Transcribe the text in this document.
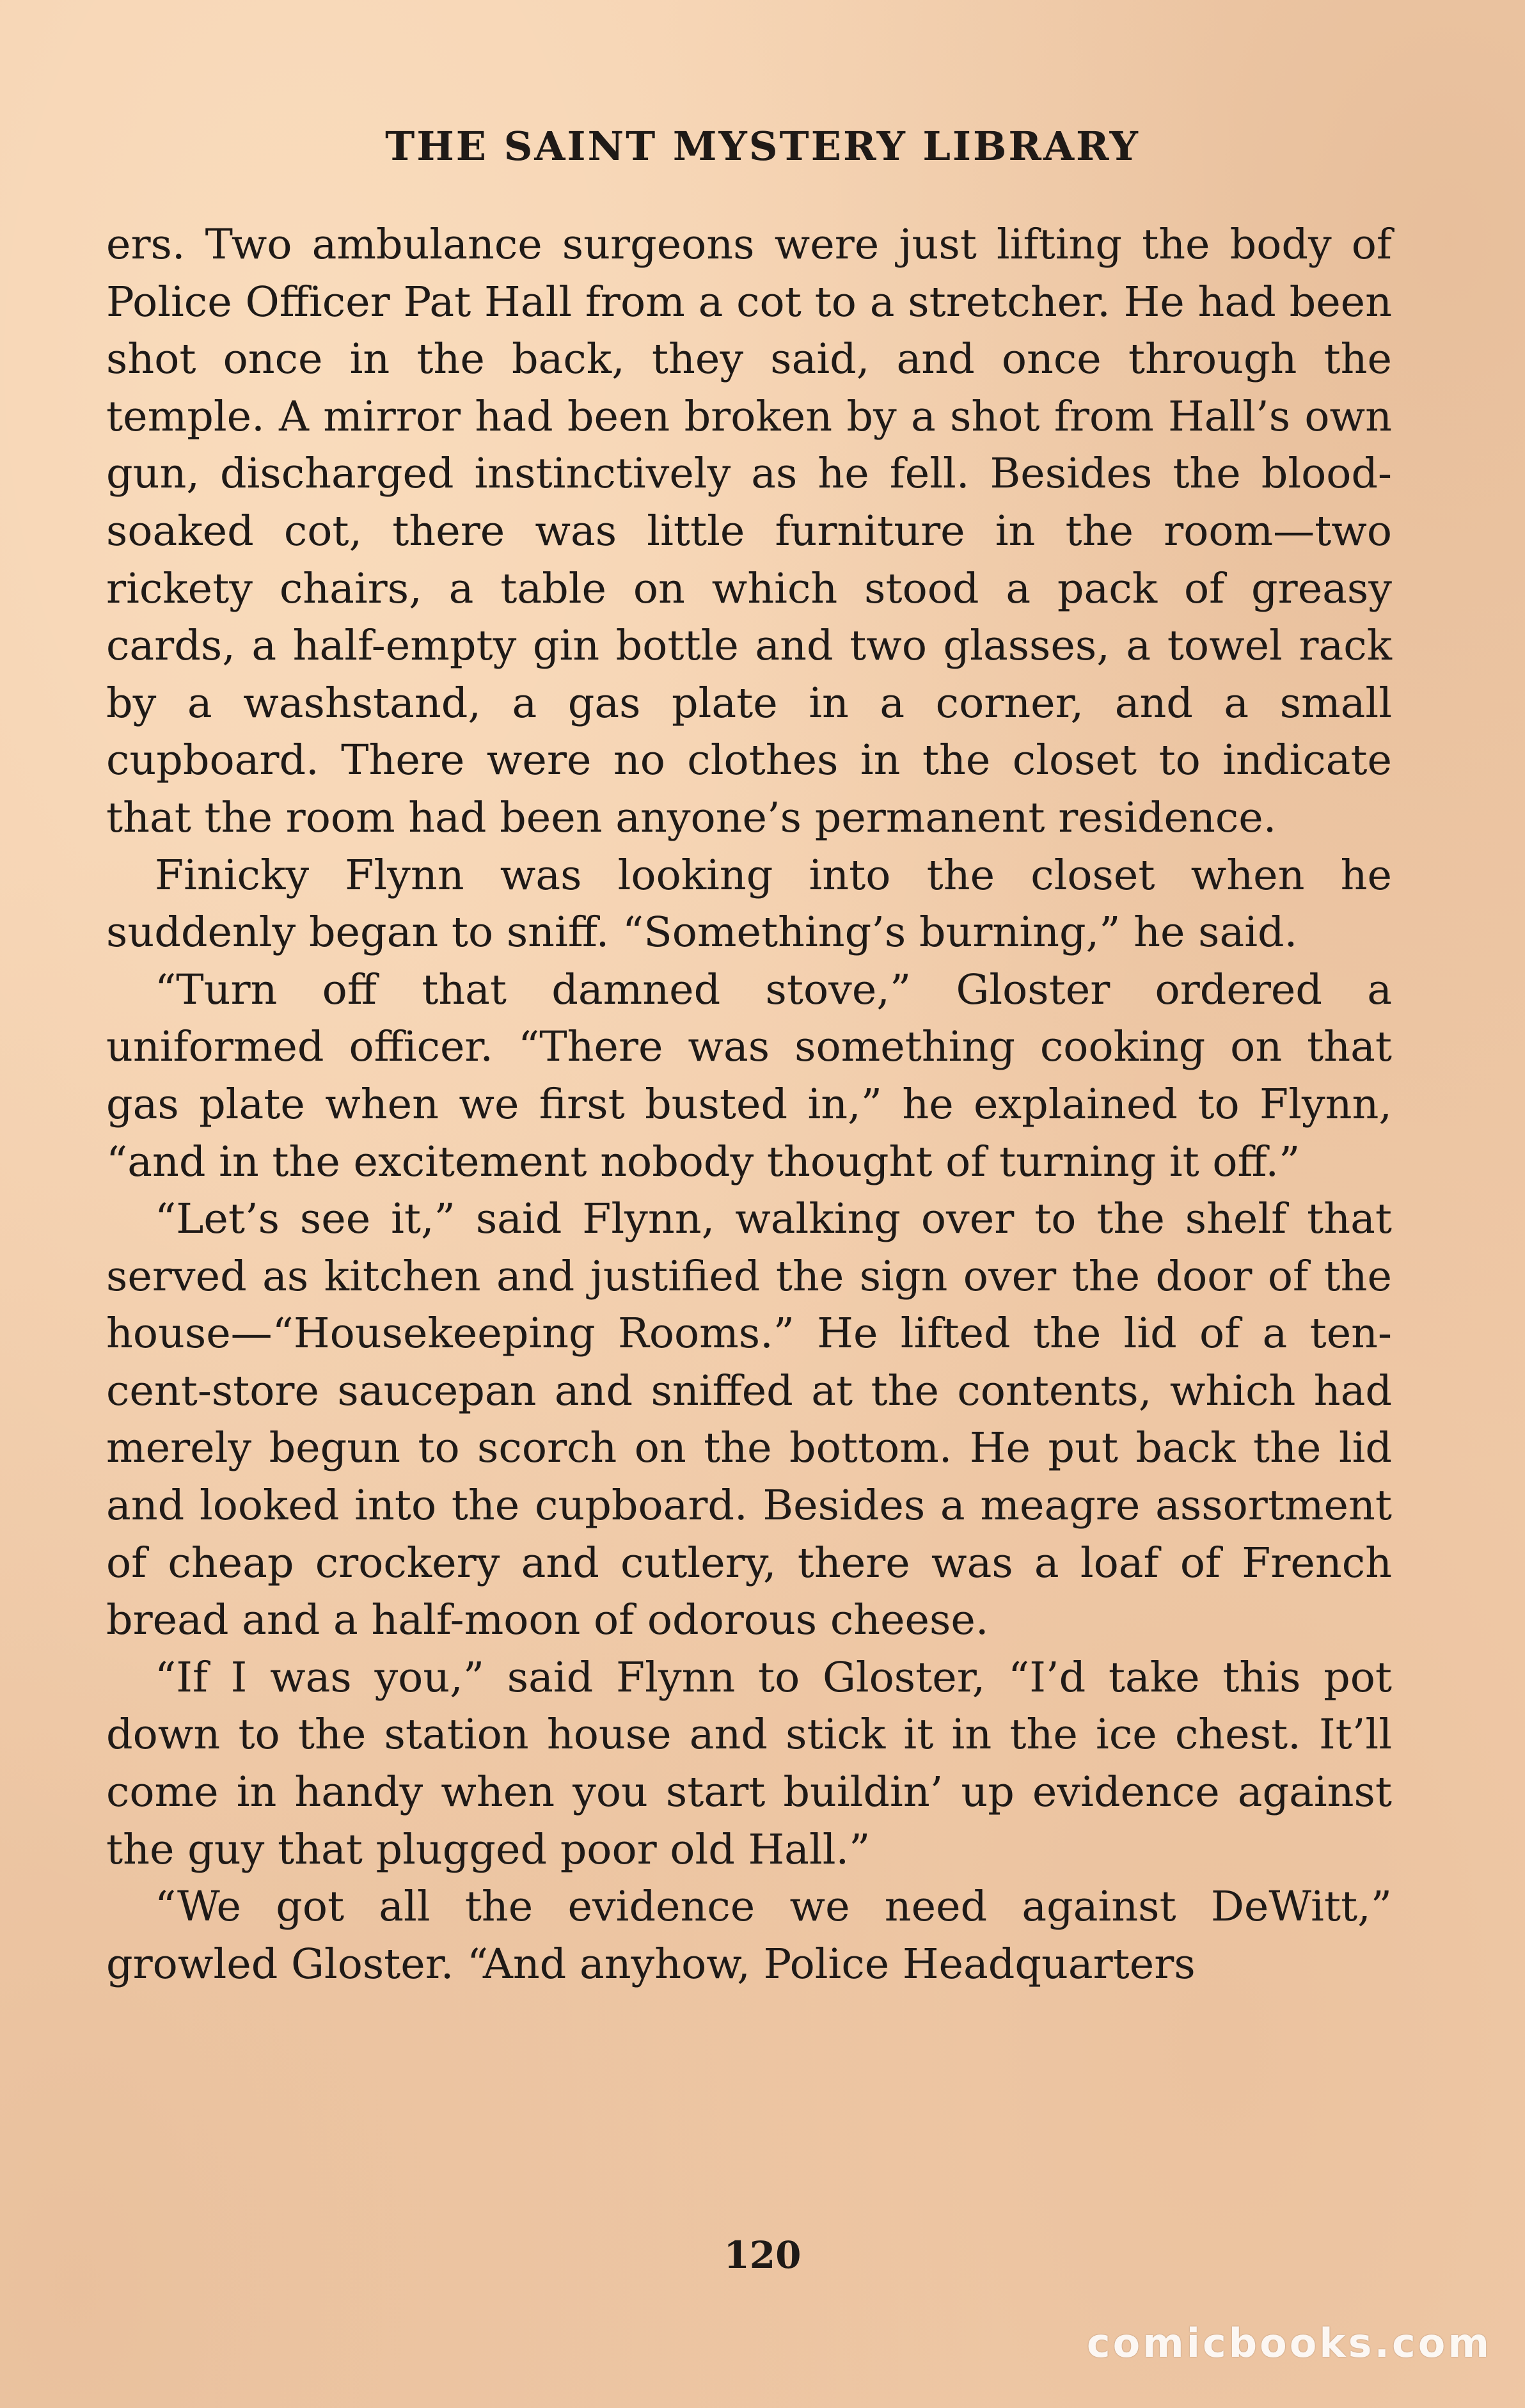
THE SAINT MYSTERY LIBRARY

ers. Two ambulance surgeons were just lifting the body of Police Officer Pat Hall from a cot to a stretcher. He had been shot once in the back, they said, and once through the temple. A mirror had been broken by a shot from Hall’s own gun, discharged instinctively as he fell. Besides the blood-soaked cot, there was little furniture in the room—two rickety chairs, a table on which stood a pack of greasy cards, a half-empty gin bottle and two glasses, a towel rack by a washstand, a gas plate in a corner, and a small cupboard. There were no clothes in the closet to indicate that the room had been anyone’s permanent residence.

Finicky Flynn was looking into the closet when he suddenly began to sniff. “Something’s burning,” he said.

“Turn off that damned stove,” Gloster ordered a uniformed officer. “There was something cooking on that gas plate when we first busted in,” he explained to Flynn, “and in the excitement nobody thought of turning it off.”

“Let’s see it,” said Flynn, walking over to the shelf that served as kitchen and justified the sign over the door of the house—“Housekeeping Rooms.” He lifted the lid of a ten-cent-store saucepan and sniffed at the contents, which had merely begun to scorch on the bottom. He put back the lid and looked into the cupboard. Besides a meagre assortment of cheap crockery and cutlery, there was a loaf of French bread and a half-moon of odorous cheese.

“If I was you,” said Flynn to Gloster, “I’d take this pot down to the station house and stick it in the ice chest. It’ll come in handy when you start buildin’ up evidence against the guy that plugged poor old Hall.”

“We got all the evidence we need against DeWitt,” growled Gloster. “And anyhow, Police Headquarters

120
comicbooks.com
